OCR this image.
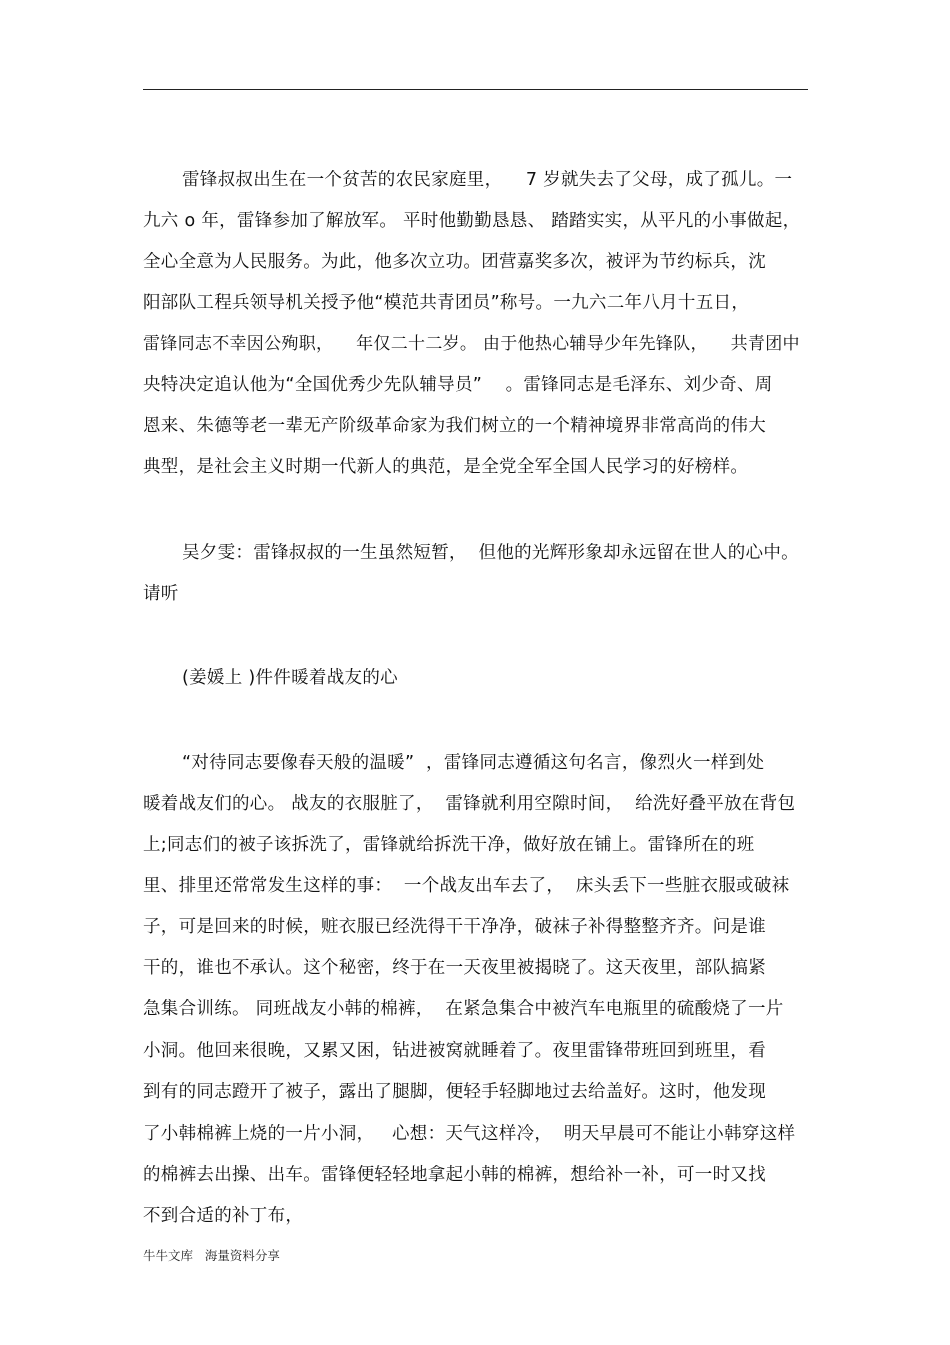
雷锋叔叔出生在一个贫苦的农民家庭里，    7 岁就失去了父母，成了孤儿。一
九六 o 年，雷锋参加了解放军。 平时他勤勤恳恳、 踏踏实实，从平凡的小事做起，
全心全意为人民服务。为此，他多次立功。团营嘉奖多次，被评为节约标兵，沈
阳部队工程兵领导机关授予他“模范共青团员”称号。一九六二年八月十五日，
雷锋同志不幸因公殉职，    年仅二十二岁。 由于他热心辅导少年先锋队，    共青团中
央特决定追认他为“全国优秀少先队辅导员”    。雷锋同志是毛泽东、刘少奇、周
恩来、朱德等老一辈无产阶级革命家为我们树立的一个精神境界非常高尚的伟大
典型，是社会主义时期一代新人的典范，是全党全军全国人民学习的好榜样。
吴夕雯：雷锋叔叔的一生虽然短暂，  但他的光辉形象却永远留在世人的心中。
请听
(姜媛上 )件件暖着战友的心
“对待同志要像春天般的温暖”  ，雷锋同志遵循这句名言，像烈火一样到处
暖着战友们的心。 战友的衣服脏了，  雷锋就利用空隙时间，  给洗好叠平放在背包
上;同志们的被子该拆洗了，雷锋就给拆洗干净，做好放在铺上。雷锋所在的班
里、排里还常常发生这样的事：  一个战友出车去了，  床头丢下一些脏衣服或破袜
子，可是回来的时候，赃衣服已经洗得干干净净，破袜子补得整整齐齐。问是谁
干的，谁也不承认。这个秘密，终于在一天夜里被揭晓了。这天夜里，部队搞紧
急集合训练。 同班战友小韩的棉裤，  在紧急集合中被汽车电瓶里的硫酸烧了一片
小洞。他回来很晚，又累又困，钻进被窝就睡着了。夜里雷锋带班回到班里，看
到有的同志蹬开了被子，露出了腿脚，便轻手轻脚地过去给盖好。这时，他发现
了小韩棉裤上烧的一片小洞，   心想：天气这样冷，  明天早晨可不能让小韩穿这样
的棉裤去出操、出车。雷锋便轻轻地拿起小韩的棉裤，想给补一补，可一时又找
不到合适的补丁布，
牛牛文库   海量资料分享
